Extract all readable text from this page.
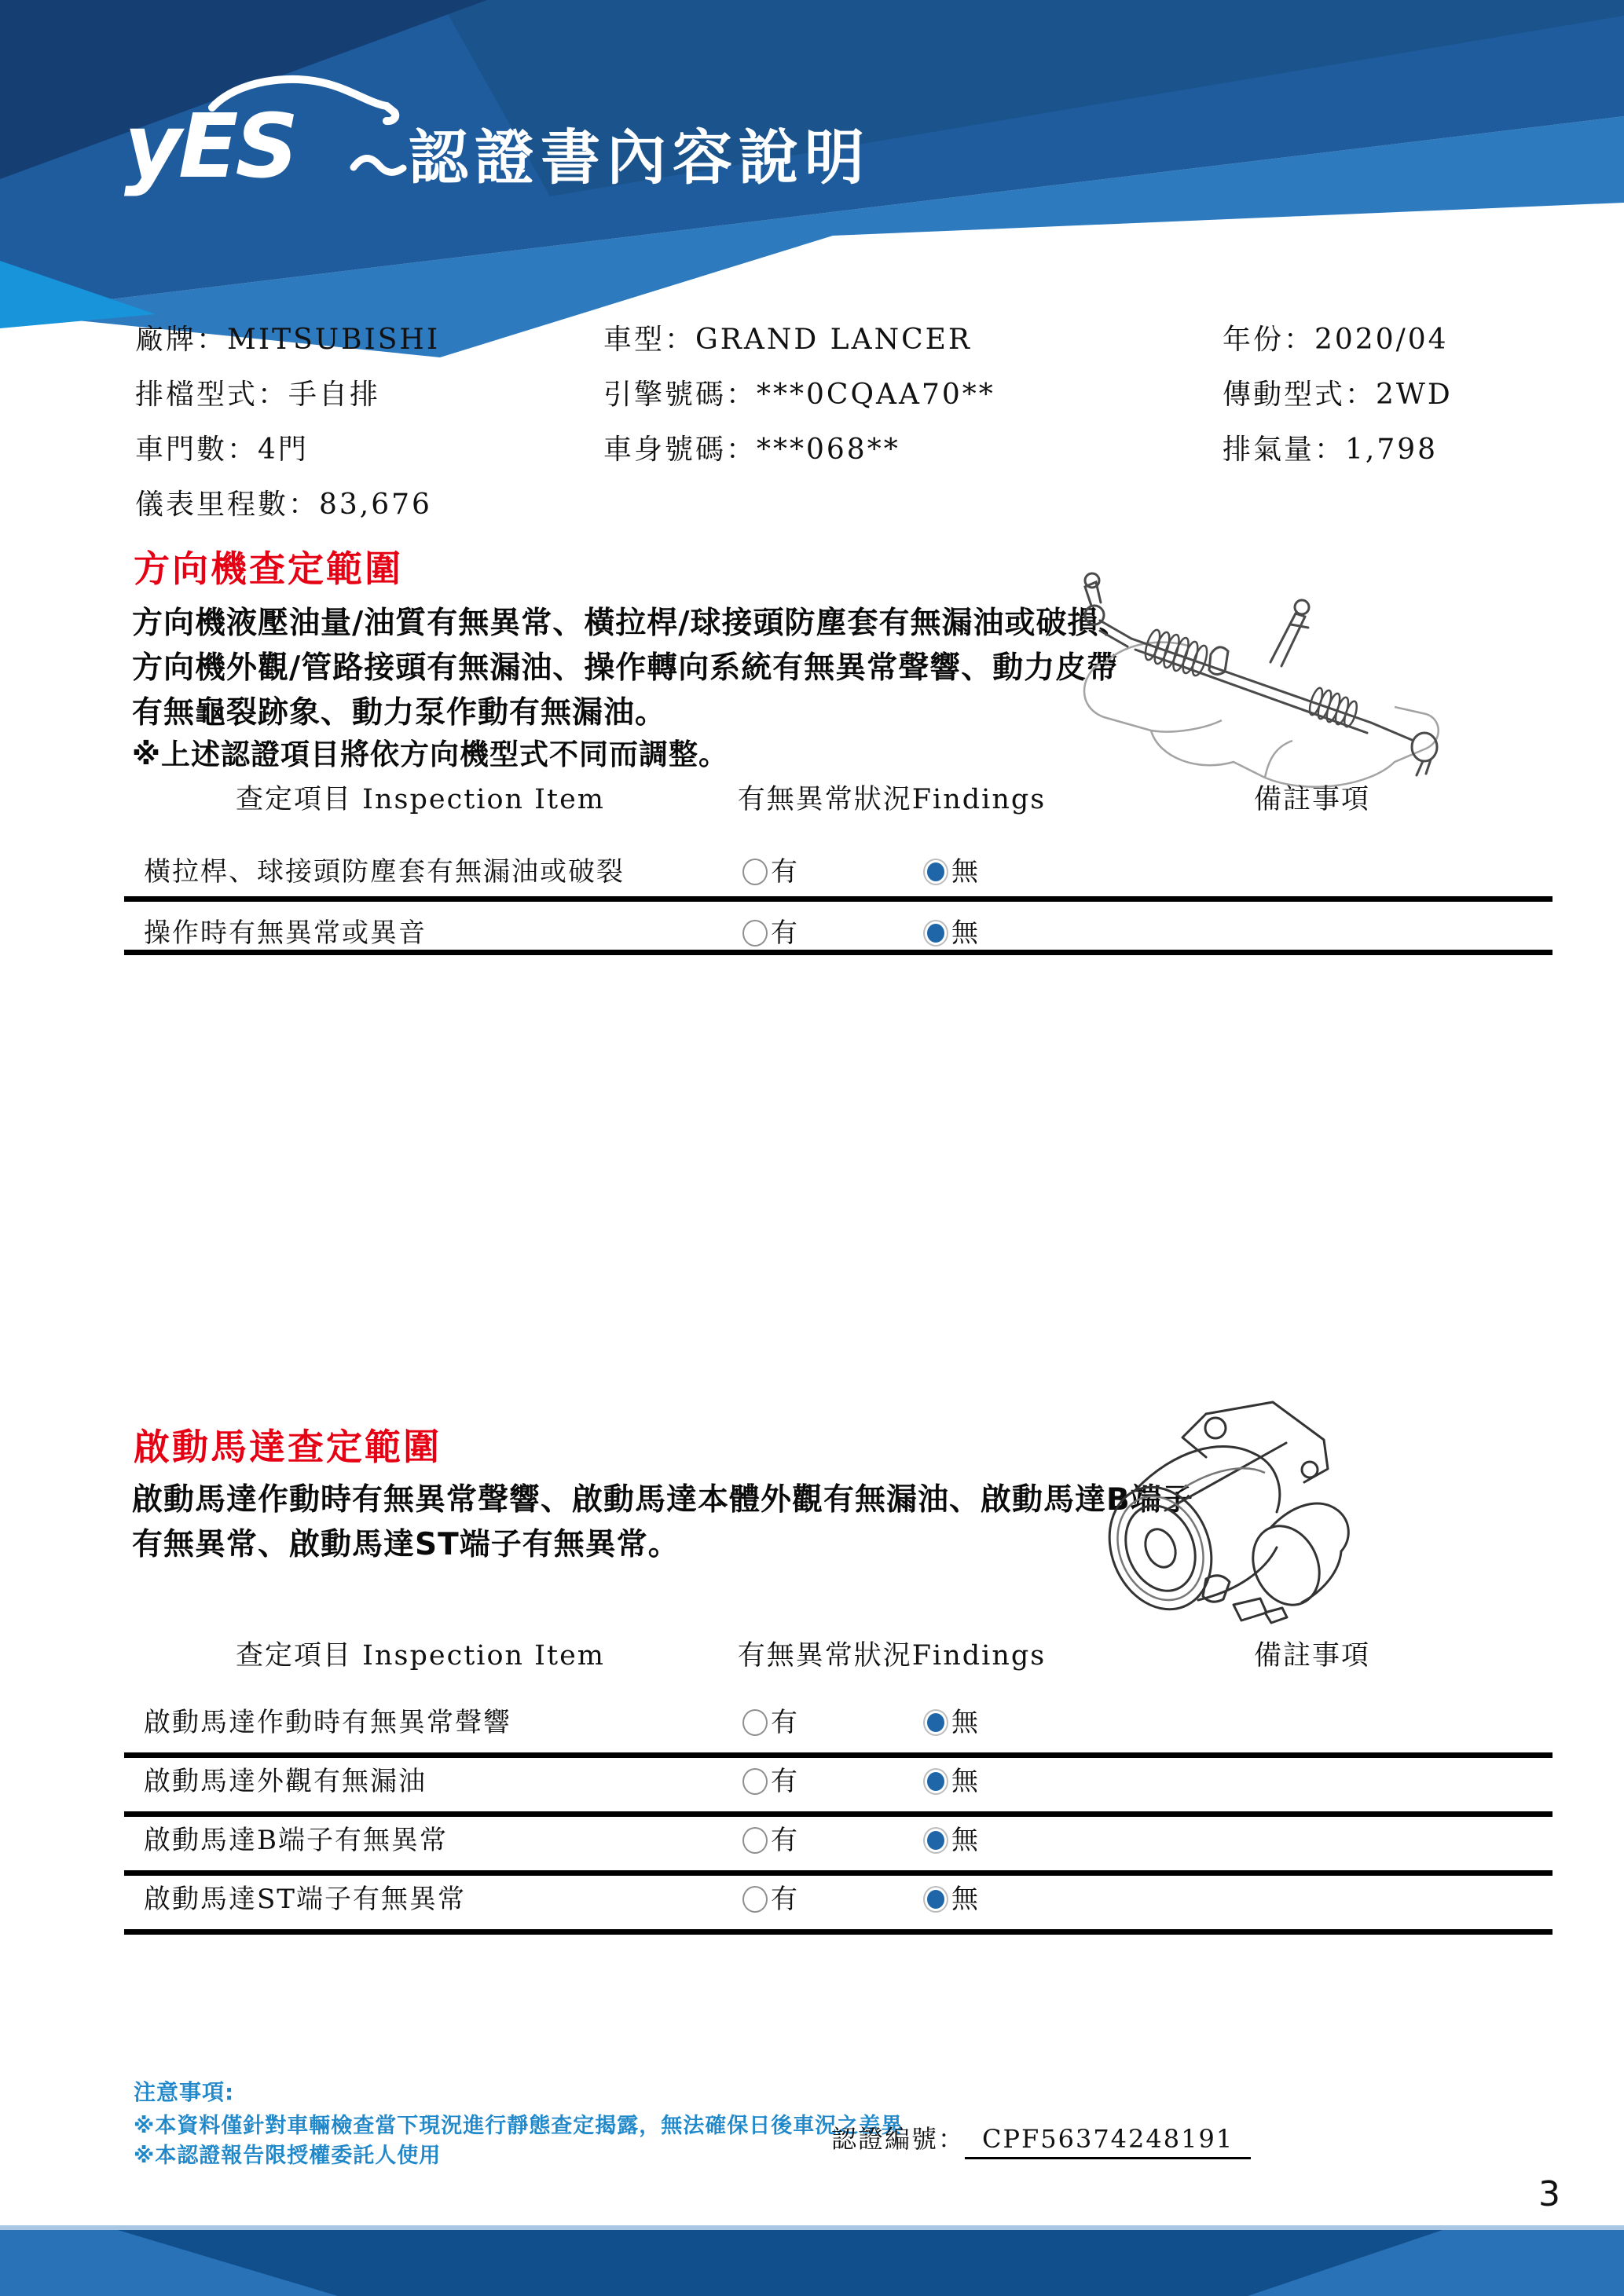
yES 認證書內容說明
廠牌：MITSUBISHI
排檔型式：手自排
車門數：4門
儀表里程數：83,676
車型：GRAND LANCER
引擎號碼：***0CQAA70**
車身號碼：***068**
年份：2020/04
傳動型式：2WD
排氣量：1,798
方向機查定範圍
方向機液壓油量/油質有無異常、橫拉桿/球接頭防塵套有無漏油或破損、
方向機外觀/管路接頭有無漏油、操作轉向系統有無異常聲響、動力皮帶
有無龜裂跡象、動力泵作動有無漏油。
※上述認證項目將依方向機型式不同而調整。
查定項目 Inspection Item	有無異常狀況Findings	備註事項
橫拉桿、球接頭防塵套有無漏油或破裂	有	無
操作時有無異常或異音	有	無
啟動馬達查定範圍
啟動馬達作動時有無異常聲響、啟動馬達本體外觀有無漏油、啟動馬達B端子
有無異常、啟動馬達ST端子有無異常。
查定項目 Inspection Item	有無異常狀況Findings	備註事項
啟動馬達作動時有無異常聲響	有	無
啟動馬達外觀有無漏油	有	無
啟動馬達B端子有無異常	有	無
啟動馬達ST端子有無異常	有	無
注意事項:
※本資料僅針對車輛檢查當下現況進行靜態查定揭露，無法確保日後車況之差異
※本認證報告限授權委託人使用
認證編號： CPF56374248191
3
